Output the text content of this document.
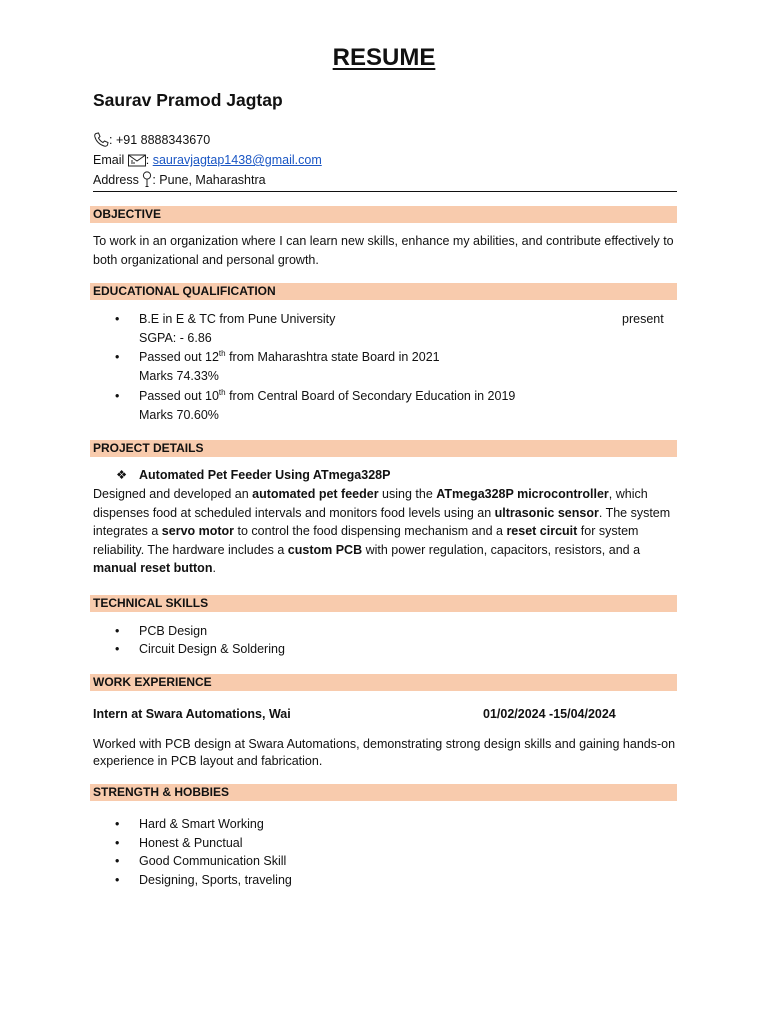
RESUME
Saurav Pramod Jagtap
: +91 8888343670
Email : sauravjagtap1438@gmail.com
Address : Pune, Maharashtra
OBJECTIVE
To work in an organization where I can learn new skills, enhance my abilities, and contribute effectively to both organizational and personal growth.
EDUCATIONAL QUALIFICATION
• B.E in E & TC from Pune University	present
SGPA: - 6.86
• Passed out 12th from Maharashtra state Board in 2021
Marks 74.33%
• Passed out 10th from Central Board of Secondary Education in 2019
Marks 70.60%
PROJECT DETAILS
❖ Automated Pet Feeder Using ATmega328P
Designed and developed an automated pet feeder using the ATmega328P microcontroller, which dispenses food at scheduled intervals and monitors food levels using an ultrasonic sensor. The system integrates a servo motor to control the food dispensing mechanism and a reset circuit for system reliability. The hardware includes a custom PCB with power regulation, capacitors, resistors, and a manual reset button.
TECHNICAL SKILLS
• PCB Design
• Circuit Design & Soldering
WORK EXPERIENCE
Intern at Swara Automations, Wai	01/02/2024 -15/04/2024
Worked with PCB design at Swara Automations, demonstrating strong design skills and gaining hands-on experience in PCB layout and fabrication.
STRENGTH & HOBBIES
• Hard & Smart Working
• Honest & Punctual
• Good Communication Skill
• Designing, Sports, traveling
